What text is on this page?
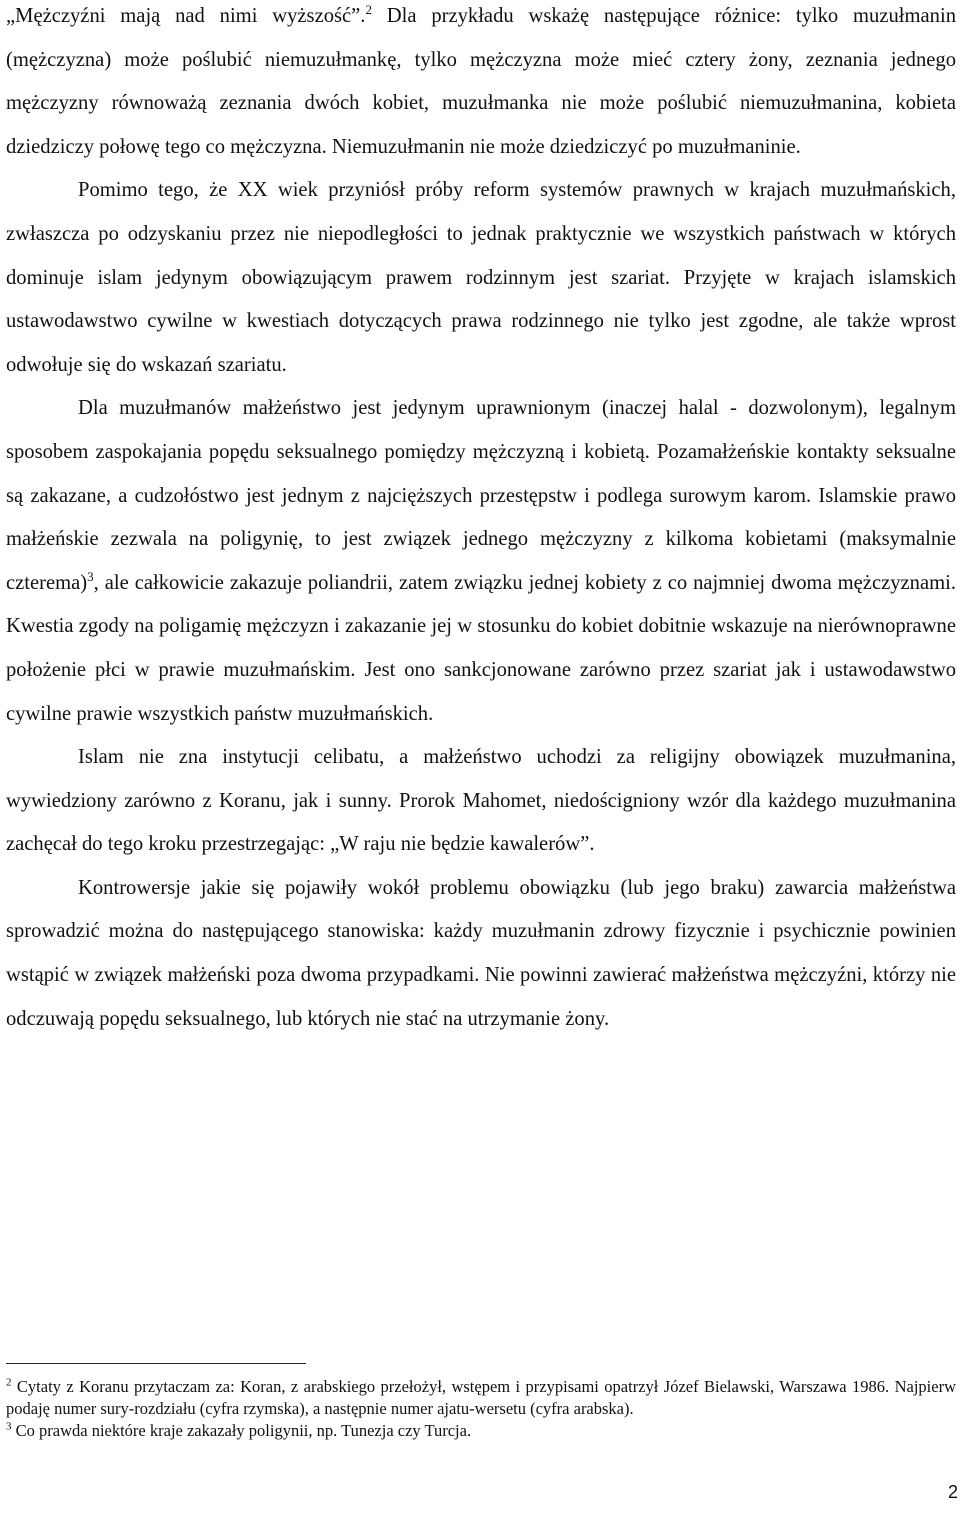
„Mężczyźni mają nad nimi wyższość”.$^2$ Dla przykładu wskażę następujące różnice: tylko muzułmanin (mężczyzna) może poślubić niemuzułmankę, tylko mężczyzna może mieć cztery żony, zeznania jednego mężczyzny równoważą zeznania dwóch kobiet, muzułmanka nie może poślubić niemuzułmanina, kobieta dziedziczy połowę tego co mężczyzna. Niemuzułmanin nie może dziedziczyć po muzułmaninie.

Pomimo tego, że XX wiek przyniósł próby reform systemów prawnych w krajach muzułmańskich, zwłaszcza po odzyskaniu przez nie niepodległości to jednak praktycznie we wszystkich państwach w których dominuje islam jedynym obowiązującym prawem rodzinnym jest szariat. Przyjęte w krajach islamskich ustawodawstwo cywilne w kwestiach dotyczących prawa rodzinnego nie tylko jest zgodne, ale także wprost odwołuje się do wskazań szariatu.

Dla muzułmanów małżeństwo jest jedynym uprawnionym (inaczej halal - dozwolonym), legalnym sposobem zaspokajania popędu seksualnego pomiędzy mężczyzną i kobietą. Pozamałżeńskie kontakty seksualne są zakazane, a cudzołóstwo jest jednym z najcięższych przestępstw i podlega surowym karom. Islamskie prawo małżeńskie zezwala na poligynię, to jest związek jednego mężczyzny z kilkoma kobietami (maksymalnie czterema)$^3$, ale całkowicie zakazuje poliandrii, zatem związku jednej kobiety z co najmniej dwoma mężczyznami. Kwestia zgody na poligamię mężczyzn i zakazanie jej w stosunku do kobiet dobitnie wskazuje na nierównoprawne położenie płci w prawie muzułmańskim. Jest ono sankcjonowane zarówno przez szariat jak i ustawodawstwo cywilne prawie wszystkich państw muzułmańskich.

Islam nie zna instytucji celibatu, a małżeństwo uchodzi za religijny obowiązek muzułmanina, wywiedziony zarówno z Koranu, jak i sunny. Prorok Mahomet, niedościgniony wzór dla każdego muzułmanina zachęcał do tego kroku przestrzegając: „W raju nie będzie kawalerów”.

Kontrowersje jakie się pojawiły wokół problemu obowiązku (lub jego braku) zawarcia małżeństwa sprowadzić można do następującego stanowiska: każdy muzułmanin zdrowy fizycznie i psychicznie powinien wstąpić w związek małżeński poza dwoma przypadkami. Nie powinni zawierać małżeństwa mężczyźni, którzy nie odczuwają popędu seksualnego, lub których nie stać na utrzymanie żony.

$^2$ Cytaty z Koranu przytaczam za: Koran, z arabskiego przełożył, wstępem i przypisami opatrzył Józef Bielawski, Warszawa 1986. Najpierw podaję numer sury-rozdziału (cyfra rzymska), a następnie numer ajatu-wersetu (cyfra arabska).

$^3$ Co prawda niektóre kraje zakazały poligynii, np. Tunezja czy Turcja.

2
